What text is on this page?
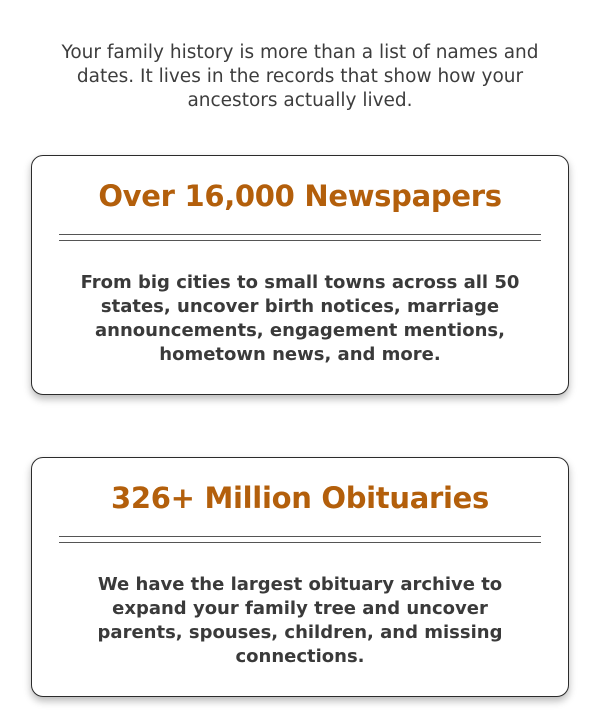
Your family history is more than a list of names and dates. It lives in the records that show how your ancestors actually lived.

Over 16,000 Newspapers

From big cities to small towns across all 50 states, uncover birth notices, marriage announcements, engagement mentions, hometown news, and more.

326+ Million Obituaries

We have the largest obituary archive to expand your family tree and uncover parents, spouses, children, and missing connections.
